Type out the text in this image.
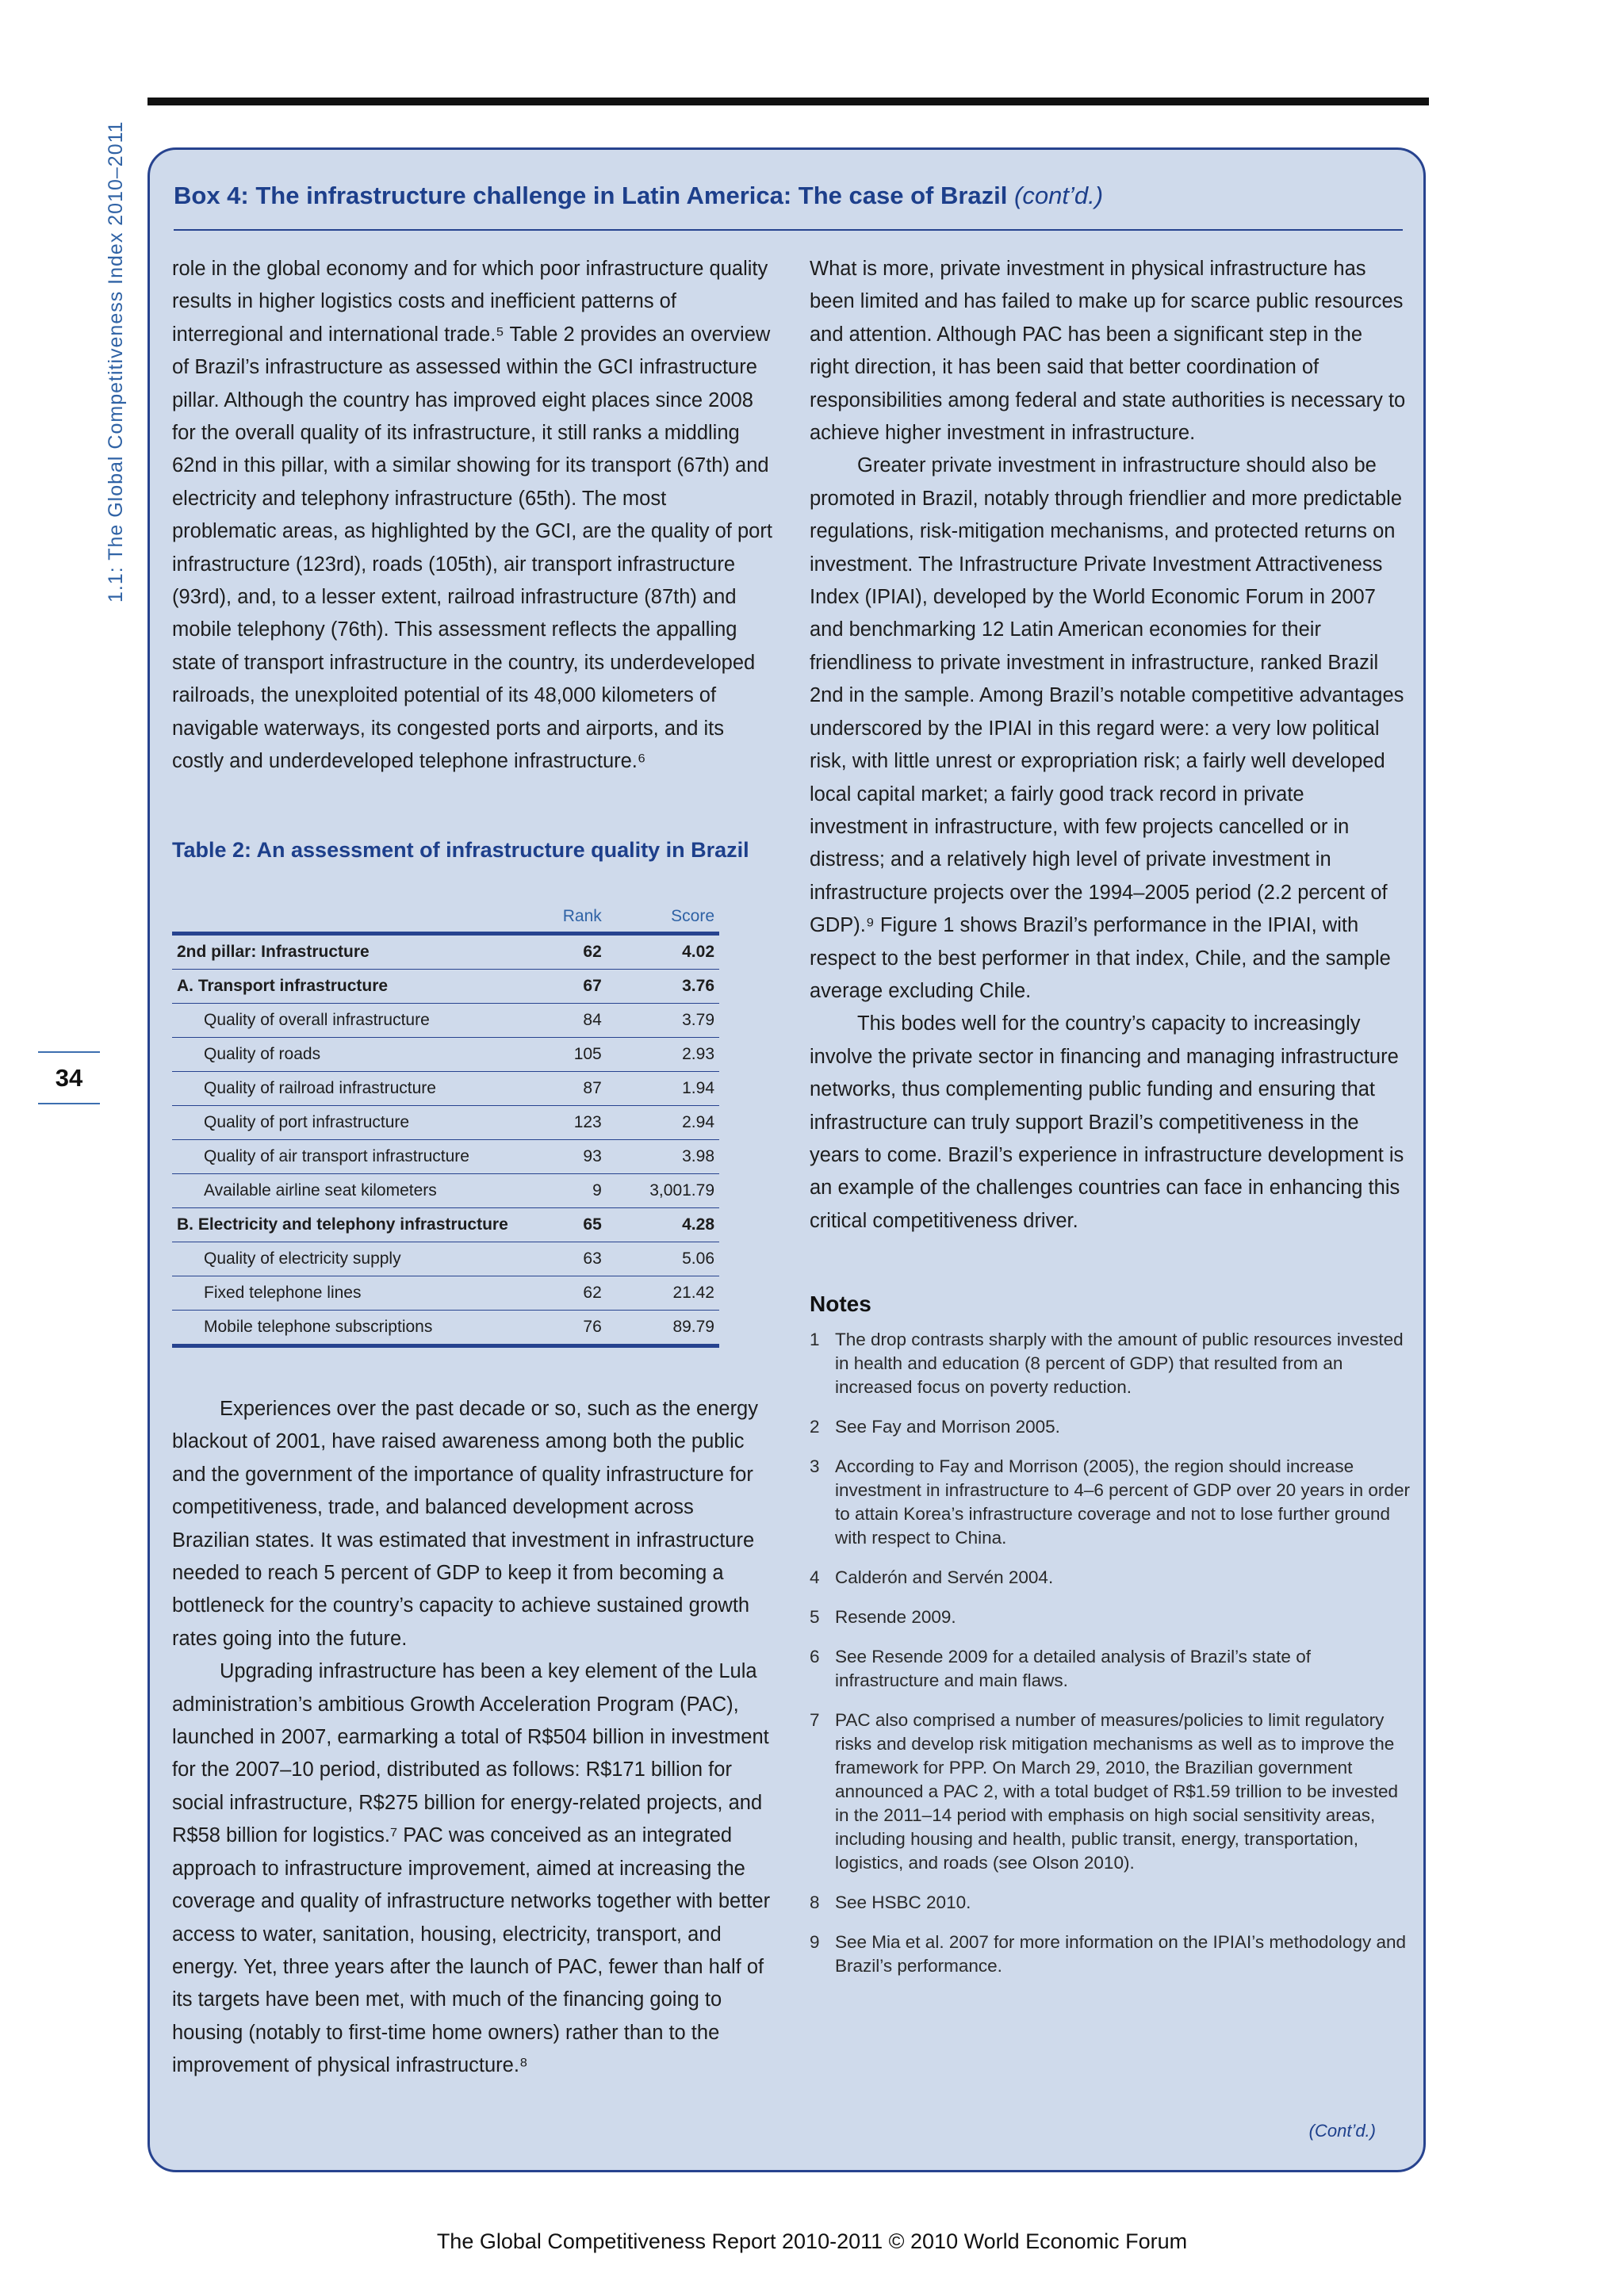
1.1: The Global Competitiveness Index 2010–2011
34
Box 4: The infrastructure challenge in Latin America: The case of Brazil (cont’d.)

role in the global economy and for which poor infrastructure quality results in higher logistics costs and inefficient patterns of interregional and international trade.⁵ Table 2 provides an overview of Brazil’s infrastructure as assessed within the GCI infrastructure pillar. Although the country has improved eight places since 2008 for the overall quality of its infrastructure, it still ranks a middling 62nd in this pillar, with a similar showing for its transport (67th) and electricity and telephony infrastructure (65th). The most problematic areas, as highlighted by the GCI, are the quality of port infrastructure (123rd), roads (105th), air transport infrastructure (93rd), and, to a lesser extent, railroad infrastructure (87th) and mobile telephony (76th). This assessment reflects the appalling state of transport infrastructure in the country, its underdeveloped railroads, the unexploited potential of its 48,000 kilometers of navigable waterways, its congested ports and airports, and its costly and underdeveloped telephone infrastructure.⁶

Table 2: An assessment of infrastructure quality in Brazil
	Rank	Score
2nd pillar: Infrastructure	62	4.02
A. Transport infrastructure	67	3.76
Quality of overall infrastructure	84	3.79
Quality of roads	105	2.93
Quality of railroad infrastructure	87	1.94
Quality of port infrastructure	123	2.94
Quality of air transport infrastructure	93	3.98
Available airline seat kilometers	9	3,001.79
B. Electricity and telephony infrastructure	65	4.28
Quality of electricity supply	63	5.06
Fixed telephone lines	62	21.42
Mobile telephone subscriptions	76	89.79

Experiences over the past decade or so, such as the energy blackout of 2001, have raised awareness among both the public and the government of the importance of quality infrastructure for competitiveness, trade, and balanced development across Brazilian states. It was estimated that investment in infrastructure needed to reach 5 percent of GDP to keep it from becoming a bottleneck for the country’s capacity to achieve sustained growth rates going into the future.

Upgrading infrastructure has been a key element of the Lula administration’s ambitious Growth Acceleration Program (PAC), launched in 2007, earmarking a total of R$504 billion in investment for the 2007–10 period, distributed as follows: R$171 billion for social infrastructure, R$275 billion for energy-related projects, and R$58 billion for logistics.⁷ PAC was conceived as an integrated approach to infrastructure improvement, aimed at increasing the coverage and quality of infrastructure networks together with better access to water, sanitation, housing, electricity, transport, and energy. Yet, three years after the launch of PAC, fewer than half of its targets have been met, with much of the financing going to housing (notably to first-time home owners) rather than to the improvement of physical infrastructure.⁸

What is more, private investment in physical infrastructure has been limited and has failed to make up for scarce public resources and attention. Although PAC has been a significant step in the right direction, it has been said that better coordination of responsibilities among federal and state authorities is necessary to achieve higher investment in infrastructure.

Greater private investment in infrastructure should also be promoted in Brazil, notably through friendlier and more predictable regulations, risk-mitigation mechanisms, and protected returns on investment. The Infrastructure Private Investment Attractiveness Index (IPIAI), developed by the World Economic Forum in 2007 and benchmarking 12 Latin American economies for their friendliness to private investment in infrastructure, ranked Brazil 2nd in the sample. Among Brazil’s notable competitive advantages underscored by the IPIAI in this regard were: a very low political risk, with little unrest or expropriation risk; a fairly well developed local capital market; a fairly good track record in private investment in infrastructure, with few projects cancelled or in distress; and a relatively high level of private investment in infrastructure projects over the 1994–2005 period (2.2 percent of GDP).⁹ Figure 1 shows Brazil’s performance in the IPIAI, with respect to the best performer in that index, Chile, and the sample average excluding Chile.

This bodes well for the country’s capacity to increasingly involve the private sector in financing and managing infrastructure networks, thus complementing public funding and ensuring that infrastructure can truly support Brazil’s competitiveness in the years to come. Brazil’s experience in infrastructure development is an example of the challenges countries can face in enhancing this critical competitiveness driver.

Notes
1 The drop contrasts sharply with the amount of public resources invested in health and education (8 percent of GDP) that resulted from an increased focus on poverty reduction.
2 See Fay and Morrison 2005.
3 According to Fay and Morrison (2005), the region should increase investment in infrastructure to 4–6 percent of GDP over 20 years in order to attain Korea’s infrastructure coverage and not to lose further ground with respect to China.
4 Calderón and Servén 2004.
5 Resende 2009.
6 See Resende 2009 for a detailed analysis of Brazil’s state of infrastructure and main flaws.
7 PAC also comprised a number of measures/policies to limit regulatory risks and develop risk mitigation mechanisms as well as to improve the framework for PPP. On March 29, 2010, the Brazilian government announced a PAC 2, with a total budget of R$1.59 trillion to be invested in the 2011–14 period with emphasis on high social sensitivity areas, including housing and health, public transit, energy, transportation, logistics, and roads (see Olson 2010).
8 See HSBC 2010.
9 See Mia et al. 2007 for more information on the IPIAI’s methodology and Brazil’s performance.
(Cont’d.)
The Global Competitiveness Report 2010-2011 © 2010 World Economic Forum
